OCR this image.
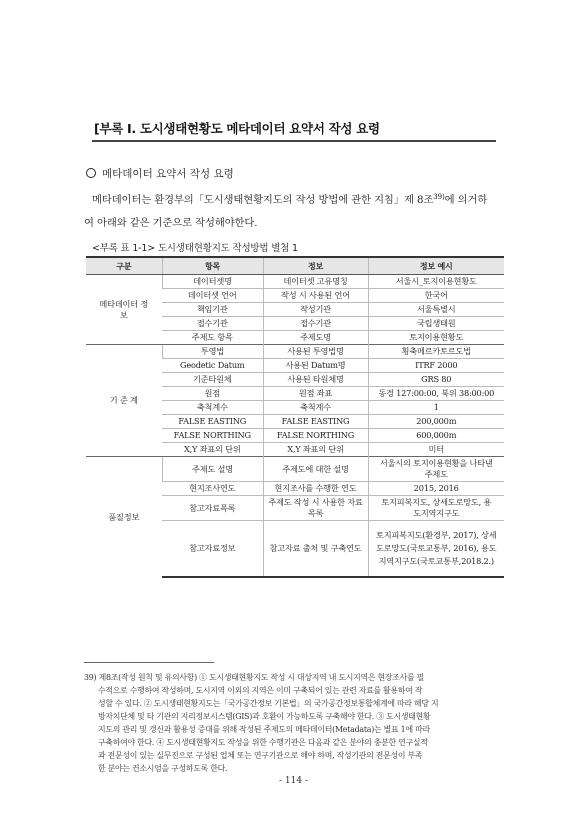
[부록 Ⅰ. 도시생태현황도 메타데이터 요약서 작성 요령
메타데이터 요약서 작성 요령
메타데이터는 환경부의「도시생태현황지도의 작성 방법에 관한 지침」제 8조$^{39)}$에 의거하
여 아래와 같은 기준으로 작성해야한다.
<부록 표 1-1> 도시생태현황지도 작성방법 별첨 1
구분	항목	정보	정보 예시
메타데이터 정보	데이터셋명	데이터셋 고유명칭	서울시_토지이용현황도
	데이터셋 언어	작성 시 사용된 언어	한국어
	책임기관	작성기관	서울특별시
	접수기관	접수기관	국립생태원
	주제도 항목	주제도명	토지이용현황도
기 준 계	투영법	사용된 투영법명	횡축메르카토르도법
	Geodetic Datum	사용된 Datum명	ITRF 2000
	기준타원체	사용된 타원체명	GRS 80
	원점	원점 좌표	동경 127:00:00, 북위 38:00:00
	축척계수	축척계수	1
	FALSE EASTING	FALSE EASTING	200,000m
	FALSE NORTHING	FALSE NORTHING	600,000m
	X,Y 좌표의 단위	X,Y 좌표의 단위	미터
품질정보	주제도 설명	주제도에 대한 설명	서울시의 토지이용현황을 나타낸 주제도
	현지조사연도	현지조사를 수행한 연도	2015, 2016
	참고자료목록	주제도 작성 시 사용한 자료 목록	토지피복지도, 상세도로망도, 용도지역지구도
	참고자료정보	참고자료 출처 및 구축연도	토지피복지도(환경부, 2017), 상세도로망도(국토교통부, 2016), 용도지역지구도(국토교통부,2018.2.)
39) 제8조(작성 원칙 및 유의사항) ① 도시생태현황지도 작성 시 대상지역 내 도시지역은 현장조사를 필
수적으로 수행하여 작성하며, 도시지역 이외의 지역은 이미 구축되어 있는 관련 자료를 활용하여 작
성할 수 있다. ② 도시생태현황지도는「국가공간정보 기본법」의 국가공간정보통합체계에 따라 해당 지
방자치단체 및 타 기관의 지리정보시스템(GIS)과 호환이 가능하도록 구축해야 한다. ③ 도시생태현황
지도의 관리 및 갱신과 활용성 증대를 위해 작성된 주제도의 메타데이터(Metadata)는 별표 1에 따라
구축하여야 한다. ④ 도시생태현황지도 작성을 위한 수행기관은 다음과 같은 분야의 충분한 연구실적
과 전문성이 있는 실무진으로 구성된 업체 또는 연구기관으로 해야 하며, 작성기관의 전문성이 부족
한 분야는 컨소시엄을 구성하도록 한다.
- 114 -
